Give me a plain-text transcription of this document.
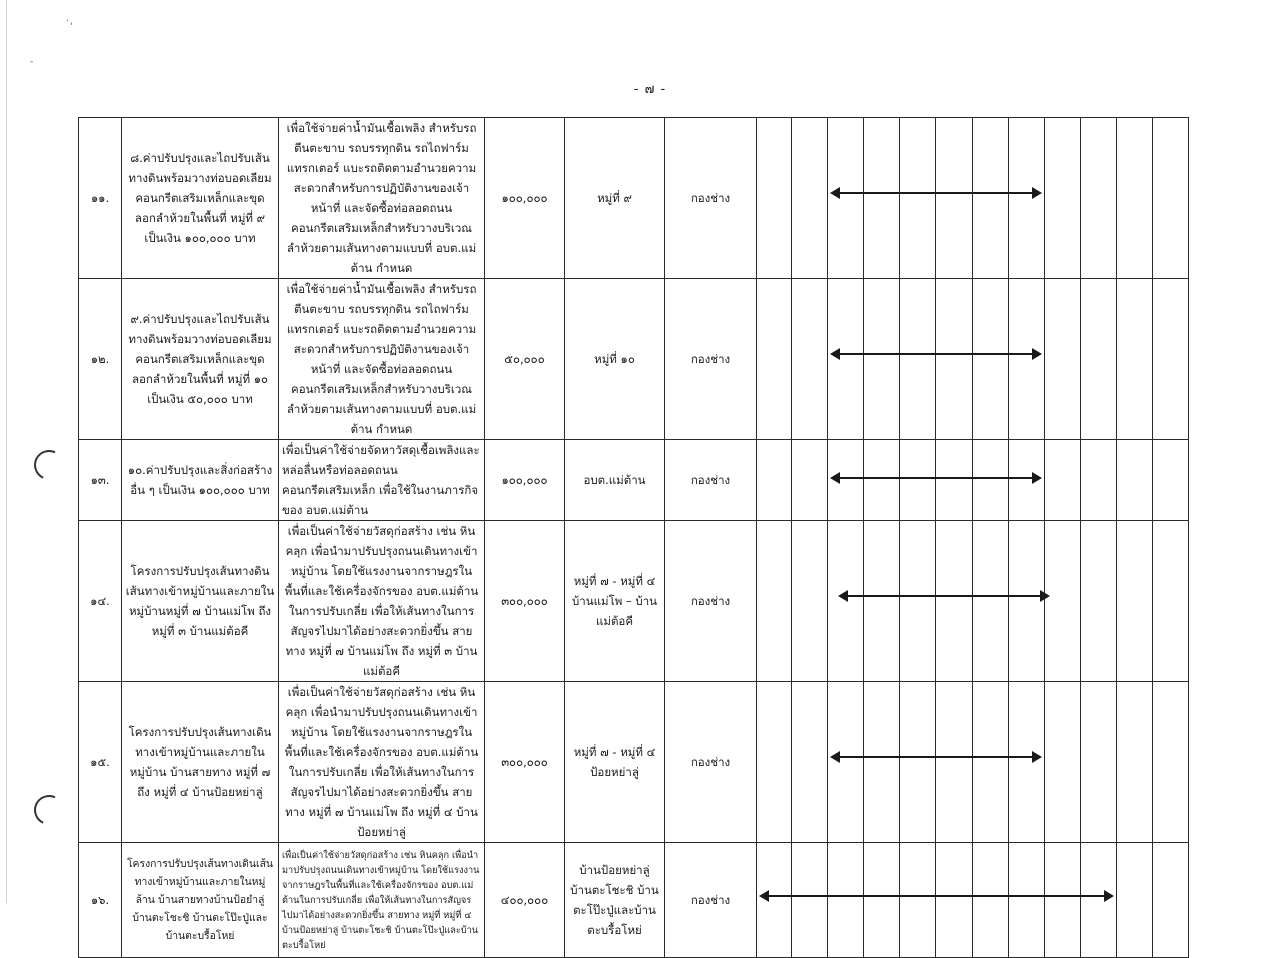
.
'
-
- ๗ -
๑๑.	๘.ค่าปรับปรุงและไถปรับเส้นทางดินพร้อมวางท่อบอดเลียมคอนกรีตเสริมเหล็กและขุดลอกลำห้วยในพื้นที่ หมู่ที่ ๙ เป็นเงิน ๑๐๐,๐๐๐ บาท	เพื่อใช้จ่ายค่าน้ำมันเชื้อเพลิง สำหรับรถตีนตะขาบ รถบรรทุกดิน รถไถฟาร์มแทรกเตอร์ แบะรถติดตามอำนวยความสะดวกสำหรับการปฏิบัติงานของเจ้าหน้าที่ และจัดซื้อท่อลอดถนนคอนกรีตเสริมเหล็กสำหรับวางบริเวณลำห้วยตามเส้นทางตามแบบที่ อบต.แม่ต้าน กำหนด	๑๐๐,๐๐๐	หมู่ที่ ๙	กองช่าง												
๑๒.	๙.ค่าปรับปรุงและไถปรับเส้นทางดินพร้อมวางท่อบอดเลียมคอนกรีตเสริมเหล็กและขุดลอกลำห้วยในพื้นที่ หมู่ที่ ๑๐ เป็นเงิน ๕๐,๐๐๐ บาท	เพื่อใช้จ่ายค่าน้ำมันเชื้อเพลิง สำหรับรถตีนตะขาบ รถบรรทุกดิน รถไถฟาร์มแทรกเตอร์ แบะรถติดตามอำนวยความสะดวกสำหรับการปฏิบัติงานของเจ้าหน้าที่ และจัดซื้อท่อลอดถนนคอนกรีตเสริมเหล็กสำหรับวางบริเวณลำห้วยตามเส้นทางตามแบบที่ อบต.แม่ต้าน กำหนด	๕๐,๐๐๐	หมู่ที่ ๑๐	กองช่าง												
๑๓.	๑๐.ค่าปรับปรุงและสิ่งก่อสร้างอื่น ๆ เป็นเงิน ๑๐๐,๐๐๐ บาท	เพื่อเป็นค่าใช้จ่ายจัดหาวัสดุเชื้อเพลิงและหล่อลื่นหรือท่อลอดถนนคอนกรีตเสริมเหล็ก เพื่อใช้ในงานภารกิจของ อบต.แม่ต้าน	๑๐๐,๐๐๐	อบต.แม่ต้าน	กองช่าง												
๑๔.	โครงการปรับปรุงเส้นทางดินเส้นทางเข้าหมู่บ้านและภายในหมู่บ้านหมู่ที่ ๗ บ้านแม่โพ ถึงหมู่ที่ ๓ บ้านแม่ต้อคี	เพื่อเป็นค่าใช้จ่ายวัสดุก่อสร้าง เช่น หินคลุก เพื่อนำมาปรับปรุงถนนเดินทางเข้าหมู่บ้าน โดยใช้แรงงานจากราษฎรในพื้นที่และใช้เครื่องจักรของ อบต.แม่ต้านในการปรับเกลี่ย เพื่อให้เส้นทางในการสัญจรไปมาได้อย่างสะดวกยิ่งขึ้น สายทาง หมู่ที่ ๗ บ้านแม่โพ ถึง หมู่ที่ ๓ บ้านแม่ต้อคี	๓๐๐,๐๐๐	หมู่ที่ ๗ - หมู่ที่ ๔ บ้านแม่โพ – บ้านแม่ต้อคี	กองช่าง												
๑๕.	โครงการปรับปรุงเส้นทางเดินทางเข้าหมู่บ้านและภายในหมู่บ้าน บ้านสายทาง หมู่ที่ ๗ ถึง หมู่ที่ ๔ บ้านป้อยหย่าลู่	เพื่อเป็นค่าใช้จ่ายวัสดุก่อสร้าง เช่น หินคลุก เพื่อนำมาปรับปรุงถนนเดินทางเข้าหมู่บ้าน โดยใช้แรงงานจากราษฎรในพื้นที่และใช้เครื่องจักรของ อบต.แม่ต้านในการปรับเกลี่ย เพื่อให้เส้นทางในการสัญจรไปมาได้อย่างสะดวกยิ่งขึ้น สายทาง หมู่ที่ ๗ บ้านแม่โพ ถึง หมู่ที่ ๔ บ้านป้อยหย่าลู่	๓๐๐,๐๐๐	หมู่ที่ ๗ - หมู่ที่ ๔ ป้อยหย่าลู่	กองช่าง												
๑๖.	โครงการปรับปรุงเส้นทางเดินเส้นทางเข้าหมู่บ้านและภายในหมู่ล้าน บ้านสายทางบ้านป้อยำลู่ บ้านตะโชะชิ บ้านตะโป๊ะปู่และบ้านตะบรื้อโหย่	เพื่อเป็นค่าใช้จ่ายวัสดุก่อสร้าง เช่น หินคลุก เพื่อนำมาปรับปรุงถนนเดินทางเข้าหมู่บ้าน โดยใช้แรงงานจากราษฎรในพื้นที่และใช้เครื่องจักรของ อบต.แม่ต้านในการปรับเกลี่ย เพื่อให้เส้นทางในการสัญจรไปมาได้อย่างสะดวกยิ่งขึ้น สายทาง หมู่ที่ หมู่ที่ ๔ บ้านป้อยหย่าลู่ บ้านตะโชะชิ บ้านตะโป๊ะปู่และบ้านตะบรื้อโหย่	๔๐๐,๐๐๐	บ้านป้อยหย่าลู่ บ้านตะโชะชิ บ้านตะโป๊ะปู่และบ้านตะบรื้อโหย่	กองช่าง												
